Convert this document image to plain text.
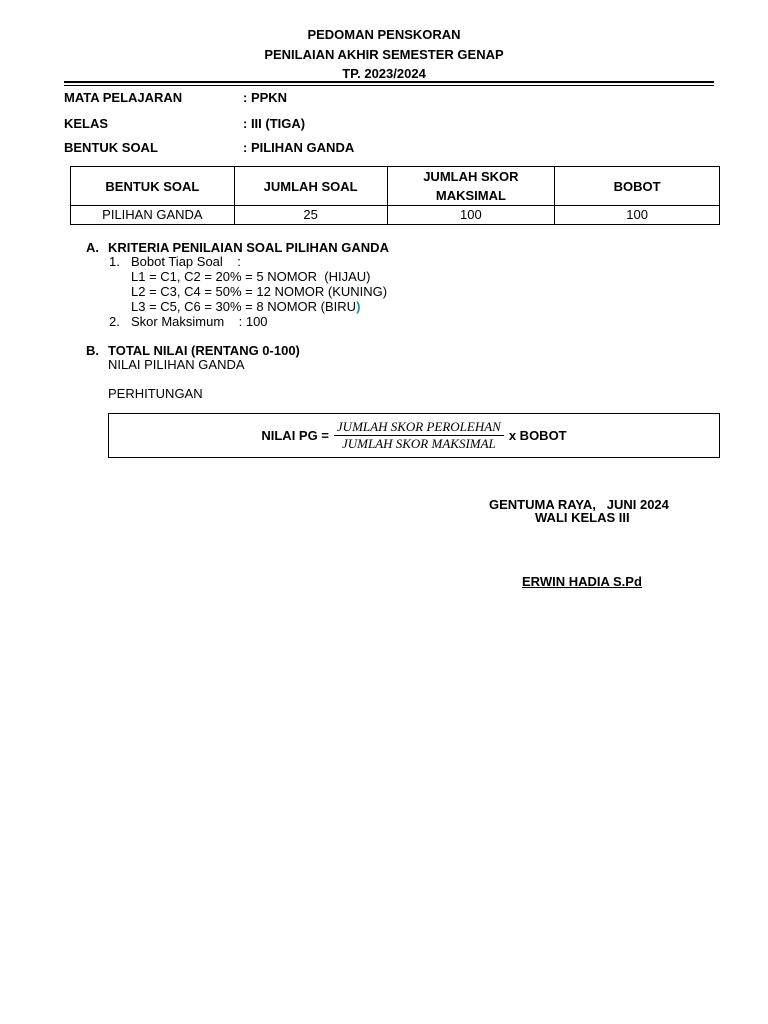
PEDOMAN PENSKORAN
PENILAIAN AKHIR SEMESTER GENAP
TP. 2023/2024
MATA PELAJARAN	: PPKN
KELAS	: III (TIGA)
BENTUK SOAL	: PILIHAN GANDA
BENTUK SOAL	JUMLAH SOAL	JUMLAH SKOR MAKSIMAL	BOBOT
PILIHAN GANDA	25	100	100
A. KRITERIA PENILAIAN SOAL PILIHAN GANDA
1. Bobot Tiap Soal    :
L1 = C1, C2 = 20% = 5 NOMOR  (HIJAU)
L2 = C3, C4 = 50% = 12 NOMOR (KUNING)
L3 = C5, C6 = 30% = 8 NOMOR (BIRU)
2. Skor Maksimum    : 100
B. TOTAL NILAI (RENTANG 0-100)
NILAI PILIHAN GANDA
PERHITUNGAN
NILAI PG = $\frac{\text{JUMLAH SKOR PEROLEHAN}}{\text{JUMLAH SKOR MAKSIMAL}}$ x BOBOT
GENTUMA RAYA,   JUNI 2024
WALI KELAS III
ERWIN HADIA S.Pd
